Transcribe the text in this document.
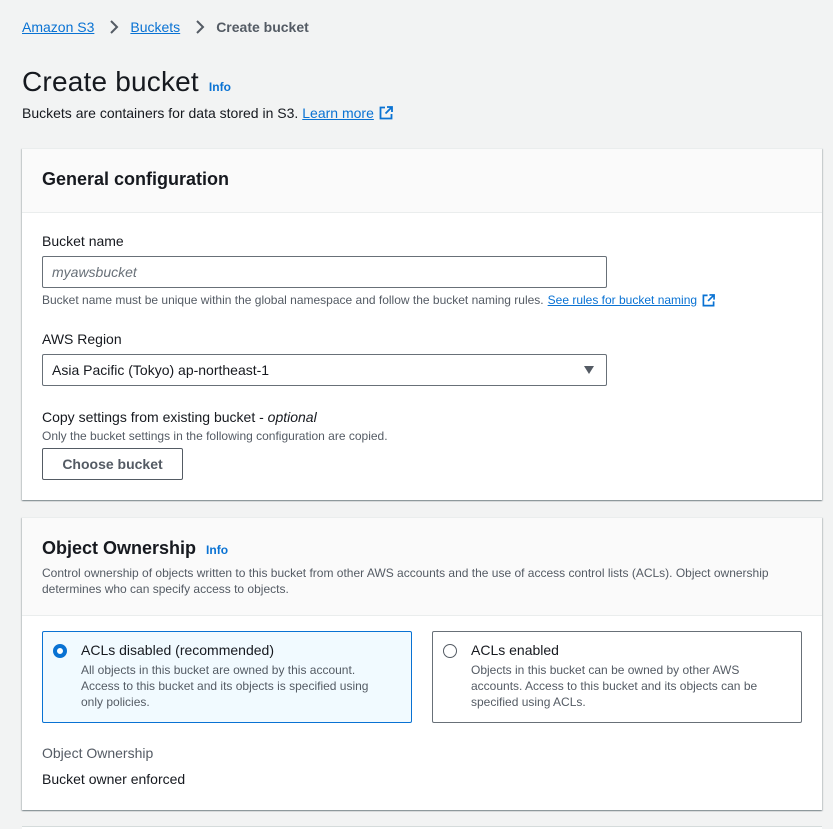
Amazon S3	Buckets	Create bucket
Create bucket Info
Buckets are containers for data stored in S3. Learn more
General configuration
Bucket name
myawsbucket
Bucket name must be unique within the global namespace and follow the bucket naming rules. See rules for bucket naming
AWS Region
Asia Pacific (Tokyo) ap-northeast-1
Copy settings from existing bucket - optional
Only the bucket settings in the following configuration are copied.
Choose bucket
Object Ownership Info
Control ownership of objects written to this bucket from other AWS accounts and the use of access control lists (ACLs). Object ownership determines who can specify access to objects.
ACLs disabled (recommended)
All objects in this bucket are owned by this account. Access to this bucket and its objects is specified using only policies.
ACLs enabled
Objects in this bucket can be owned by other AWS accounts. Access to this bucket and its objects can be specified using ACLs.
Object Ownership
Bucket owner enforced
